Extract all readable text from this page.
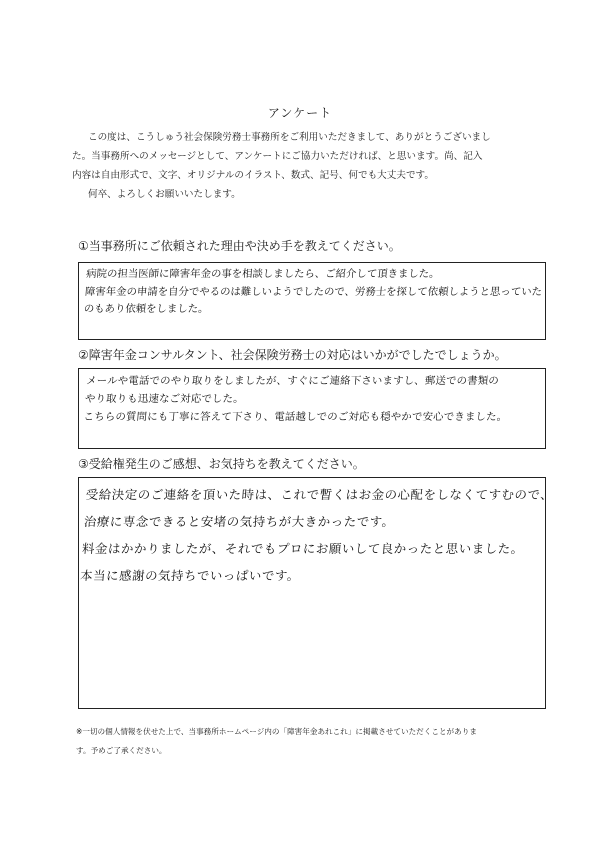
アンケート

この度は、こうしゅう社会保険労務士事務所をご利用いただきまして、ありがとうございまし

た。当事務所へのメッセージとして、アンケートにご協力いただければ、と思います。尚、記入

内容は自由形式で、文字、オリジナルのイラスト、数式、記号、何でも大丈夫です。

何卒、よろしくお願いいたします。

①当事務所にご依頼された理由や決め手を教えてください。

病院の担当医師に障害年金の事を相談しましたら、ご紹介して頂きました。

障害年金の申請を自分でやるのは難しいようでしたので、労務士を探して依頼しようと思っていた

のもあり依頼をしました。

②障害年金コンサルタント、社会保険労務士の対応はいかがでしたでしょうか。

メールや電話でのやり取りをしましたが、すぐにご連絡下さいますし、郵送での書類の

やり取りも迅速なご対応でした。

こちらの質問にも丁寧に答えて下さり、電話越しでのご対応も穏やかで安心できました。

③受給権発生のご感想、お気持ちを教えてください。

受給決定のご連絡を頂いた時は、これで暫くはお金の心配をしなくてすむので、

治療に専念できると安堵の気持ちが大きかったです。

料金はかかりましたが、それでもプロにお願いして良かったと思いました。

本当に感謝の気持ちでいっぱいです。

※一切の個人情報を伏せた上で、当事務所ホームページ内の「障害年金あれこれ」に掲載させていただくことがありま

す。予めご了承ください。
